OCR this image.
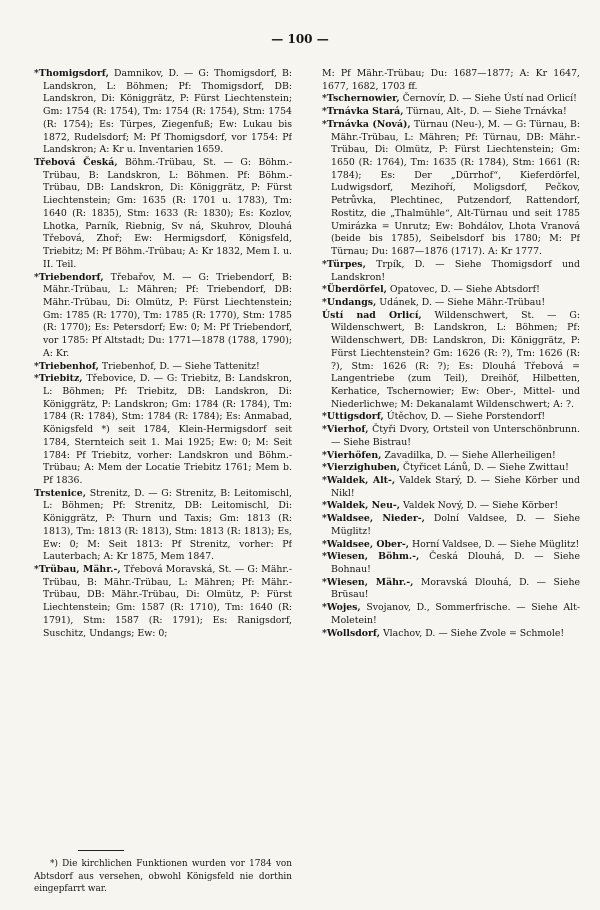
— 100 —

*Thomigsdorf, Damnikov, D. — G: Thomigsdorf, B: Landskron, L: Böhmen; Pf: Thomigsdorf, DB: Landskron, Di: Königgrätz, P: Fürst Liechtenstein; Gm: 1754 (R: 1754), Tm: 1754 (R: 1754), Stm: 1754 (R: 1754); Es: Türpes, Ziegenfuß; Ew: Lukau bis 1872, Rudelsdorf; M: Pf Thomigsdorf, vor 1754: Pf Landskron; A: Kr u. Inventarien 1659.

Třebová Česká, Böhm.-Trübau, St. — G: Böhm.-Trübau, B: Landskron, L: Böhmen. Pf: Böhm.-Trübau, DB: Landskron, Di: Königgrätz, P: Fürst Liechtenstein; Gm: 1635 (R: 1701 u. 1783), Tm: 1640 (R: 1835), Stm: 1633 (R: 1830); Es: Kozlov, Lhotka, Parník, Riebnig, Sv ná, Skuhrov, Dlouhá Třebová, Zhoř; Ew: Hermigsdorf, Königsfeld, Triebitz; M: Pf Böhm.-Trübau; A: Kr 1832, Mem I. u. II. Teil.

*Triebendorf, Třebařov, M. — G: Triebendorf, B: Mähr.-Trübau, L: Mähren; Pf: Triebendorf, DB: Mähr.-Trübau, Di: Olmütz, P: Fürst Liechtenstein; Gm: 1785 (R: 1770), Tm: 1785 (R: 1770), Stm: 1785 (R: 1770); Es: Petersdorf; Ew: 0; M: Pf Triebendorf, vor 1785: Pf Altstadt; Du: 1771—1878 (1788, 1790); A: Kr.

*Triebenhof, Triebenhof, D. — Siehe Tattenitz!

*Triebitz, Třebovice, D. — G: Triebitz, B: Landskron, L: Böhmen; Pf: Triebitz, DB: Landskron, Di: Königgrätz, P: Landskron; Gm: 1784 (R: 1784), Tm: 1784 (R: 1784), Stm: 1784 (R: 1784); Es: Anmabad, Königsfeld *) seit 1784, Klein-Hermigsdorf seit 1784, Sternteich seit 1. Mai 1925; Ew: 0; M: Seit 1784: Pf Triebitz, vorher: Landskron und Böhm.-Trübau; A: Mem der Locatie Triebitz 1761; Mem b. Pf 1836.

Trstenice, Strenitz, D. — G: Strenitz, B: Leitomischl, L: Böhmen; Pf: Strenitz, DB: Leitomischl, Di: Königgrätz, P: Thurn und Taxis; Gm: 1813 (R: 1813), Tm: 1813 (R: 1813), Stm: 1813 (R: 1813); Es, Ew: 0; M: Seit 1813: Pf Strenitz, vorher: Pf Lauterbach; A: Kr 1875, Mem 1847.

*Trübau, Mähr.-, Třebová Moravská, St. — G: Mähr.-Trübau, B: Mähr.-Trübau, L: Mähren; Pf: Mähr.-Trübau, DB: Mähr.-Trübau, Di: Olmütz, P: Fürst Liechtenstein; Gm: 1587 (R: 1710), Tm: 1640 (R: 1791), Stm: 1587 (R: 1791); Es: Ranigsdorf, Suschitz, Undangs; Ew: 0;

M: Pf Mähr.-Trübau; Du: 1687—1877; A: Kr 1647, 1677, 1682, 1703 ff.

*Tschernowier, Černovír, D. — Siehe Ústí nad Orlicí!

*Trnávka Stará, Türnau, Alt-, D. — Siehe Trnávka!

*Trnávka (Nová), Türnau (Neu-), M. — G: Türnau, B: Mähr.-Trübau, L: Mähren; Pf: Türnau, DB: Mähr.-Trübau, Di: Olmütz, P: Fürst Liechtenstein; Gm: 1650 (R: 1764), Tm: 1635 (R: 1784), Stm: 1661 (R: 1784); Es: Der „Dürrhof“, Kieferdörfel, Ludwigsdorf, Mezihoří, Moligsdorf, Pečkov, Petrůvka, Plechtinec, Putzendorf, Rattendorf, Rostitz, die „Thalmühle“, Alt-Türnau und seit 1785 Umirázka = Unrutz; Ew: Bohdálov, Lhota Vranová (beide bis 1785), Seibelsdorf bis 1780; M: Pf Türnau; Du: 1687—1876 (1717). A: Kr 1777.

*Türpes, Trpík, D. — Siehe Thomigsdorf und Landskron!

*Überdörfel, Opatovec, D. — Siehe Abtsdorf!

*Undangs, Udánek, D. — Siehe Mähr.-Trübau!

Ústí nad Orlicí, Wildenschwert, St. — G: Wildenschwert, B: Landskron, L: Böhmen; Pf: Wildenschwert, DB: Landskron, Di: Königgrätz, P: Fürst Liechtenstein? Gm: 1626 (R: ?), Tm: 1626 (R: ?), Stm: 1626 (R: ?); Es: Dlouhá Třebová = Langentriebe (zum Teil), Dreihöf, Hilbetten, Kerhatice, Tschernowier; Ew: Ober-, Mittel- und Niederlichwe; M: Dekanalamt Wildenschwert; A: ?.

*Uttigsdorf, Útěchov, D. — Siehe Porstendorf!

*Vierhof, Čtyři Dvory, Ortsteil von Unterschönbrunn. — Siehe Bistrau!

*Vierhöfen, Zavadilka, D. — Siehe Allerheiligen!

*Vierzighuben, Čtyřicet Lánů, D. — Siehe Zwittau!

*Waldek, Alt-, Valdek Starý, D. — Siehe Körber und Nikl!

*Waldek, Neu-, Valdek Nový, D. — Siehe Körber!

*Waldsee, Nieder-, Dolní Valdsee, D. — Siehe Müglitz!

*Waldsee, Ober-, Horní Valdsee, D. — Siehe Müglitz!

*Wiesen, Böhm.-, Česká Dlouhá, D. — Siehe Bohnau!

*Wiesen, Mähr.-, Moravská Dlouhá, D. — Siehe Brüsau!

*Wojes, Svojanov, D., Sommerfrische. — Siehe Alt-Moletein!

*Wollsdorf, Vlachov, D. — Siehe Zvole = Schmole!

*) Die kirchlichen Funktionen wurden vor 1784 von Abtsdorf aus versehen, obwohl Königsfeld nie dorthin eingepfarrt war.
